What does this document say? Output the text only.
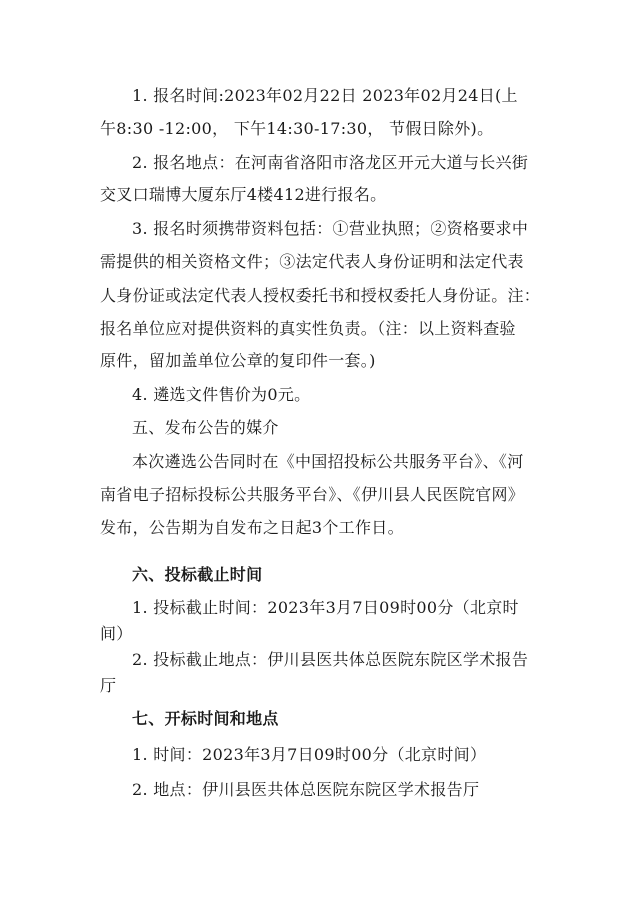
1. 报名时间:2023年02月22日 2023年02月24日(上
午8:30 -12:00， 下午14:30-17:30， 节假日除外)。
2. 报名地点：在河南省洛阳市洛龙区开元大道与长兴街
交叉口瑞博大厦东厅4楼412进行报名。
3. 报名时须携带资料包括：①营业执照；②资格要求中
需提供的相关资格文件；③法定代表人身份证明和法定代表
人身份证或法定代表人授权委托书和授权委托人身份证。注：
报名单位应对提供资料的真实性负责。（注：以上资料查验
原件，留加盖单位公章的复印件一套。)
4. 遴选文件售价为0元。
五、发布公告的媒介
本次遴选公告同时在《中国招投标公共服务平台》、《河
南省电子招标投标公共服务平台》、《伊川县人民医院官网》
发布，公告期为自发布之日起3个工作日。
六、投标截止时间
1. 投标截止时间：2023年3月7日09时00分（北京时
间）
2. 投标截止地点：伊川县医共体总医院东院区学术报告
厅
七、开标时间和地点
1. 时间：2023年3月7日09时00分（北京时间）
2. 地点：伊川县医共体总医院东院区学术报告厅
